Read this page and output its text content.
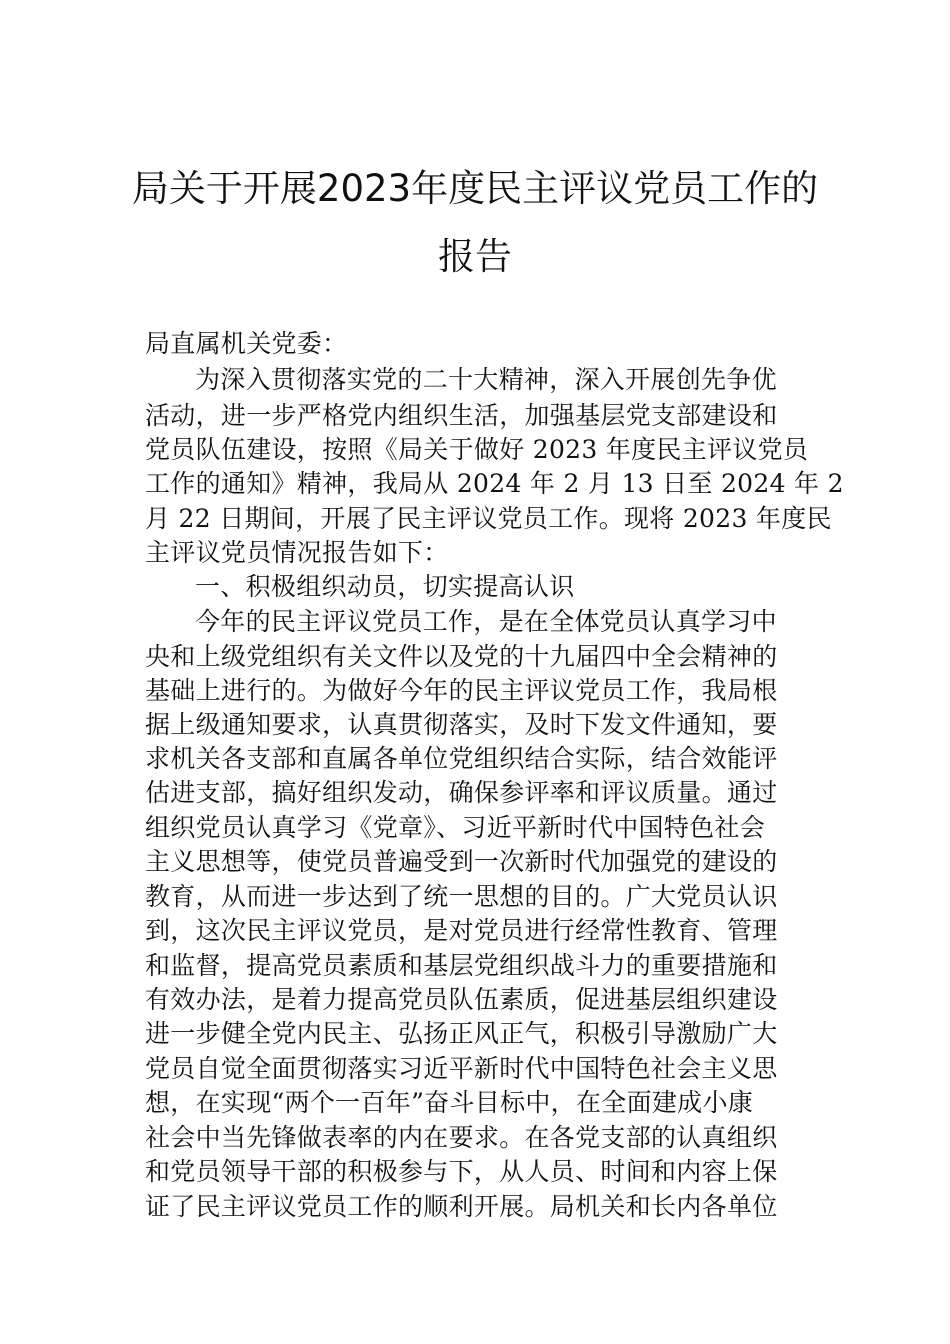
局关于开展2023年度民主评议党员工作的
报告
局直属机关党委：
为深入贯彻落实党的二十大精神，深入开展创先争优
活动，进一步严格党内组织生活，加强基层党支部建设和
党员队伍建设，按照《局关于做好 2023 年度民主评议党员
工作的通知》精神，我局从 2024 年 2 月 13 日至 2024 年 2
月 22 日期间，开展了民主评议党员工作。现将 2023 年度民
主评议党员情况报告如下：
一、积极组织动员，切实提高认识
今年的民主评议党员工作，是在全体党员认真学习中
央和上级党组织有关文件以及党的十九届四中全会精神的
基础上进行的。为做好今年的民主评议党员工作，我局根
据上级通知要求，认真贯彻落实，及时下发文件通知，要
求机关各支部和直属各单位党组织结合实际，结合效能评
估进支部，搞好组织发动，确保参评率和评议质量。通过
组织党员认真学习《党章》、习近平新时代中国特色社会
主义思想等，使党员普遍受到一次新时代加强党的建设的
教育，从而进一步达到了统一思想的目的。广大党员认识
到，这次民主评议党员，是对党员进行经常性教育、管理
和监督，提高党员素质和基层党组织战斗力的重要措施和
有效办法，是着力提高党员队伍素质，促进基层组织建设
进一步健全党内民主、弘扬正风正气，积极引导激励广大
党员自觉全面贯彻落实习近平新时代中国特色社会主义思
想，在实现“两个一百年”奋斗目标中，在全面建成小康
社会中当先锋做表率的内在要求。在各党支部的认真组织
和党员领导干部的积极参与下，从人员、时间和内容上保
证了民主评议党员工作的顺利开展。局机关和长内各单位
